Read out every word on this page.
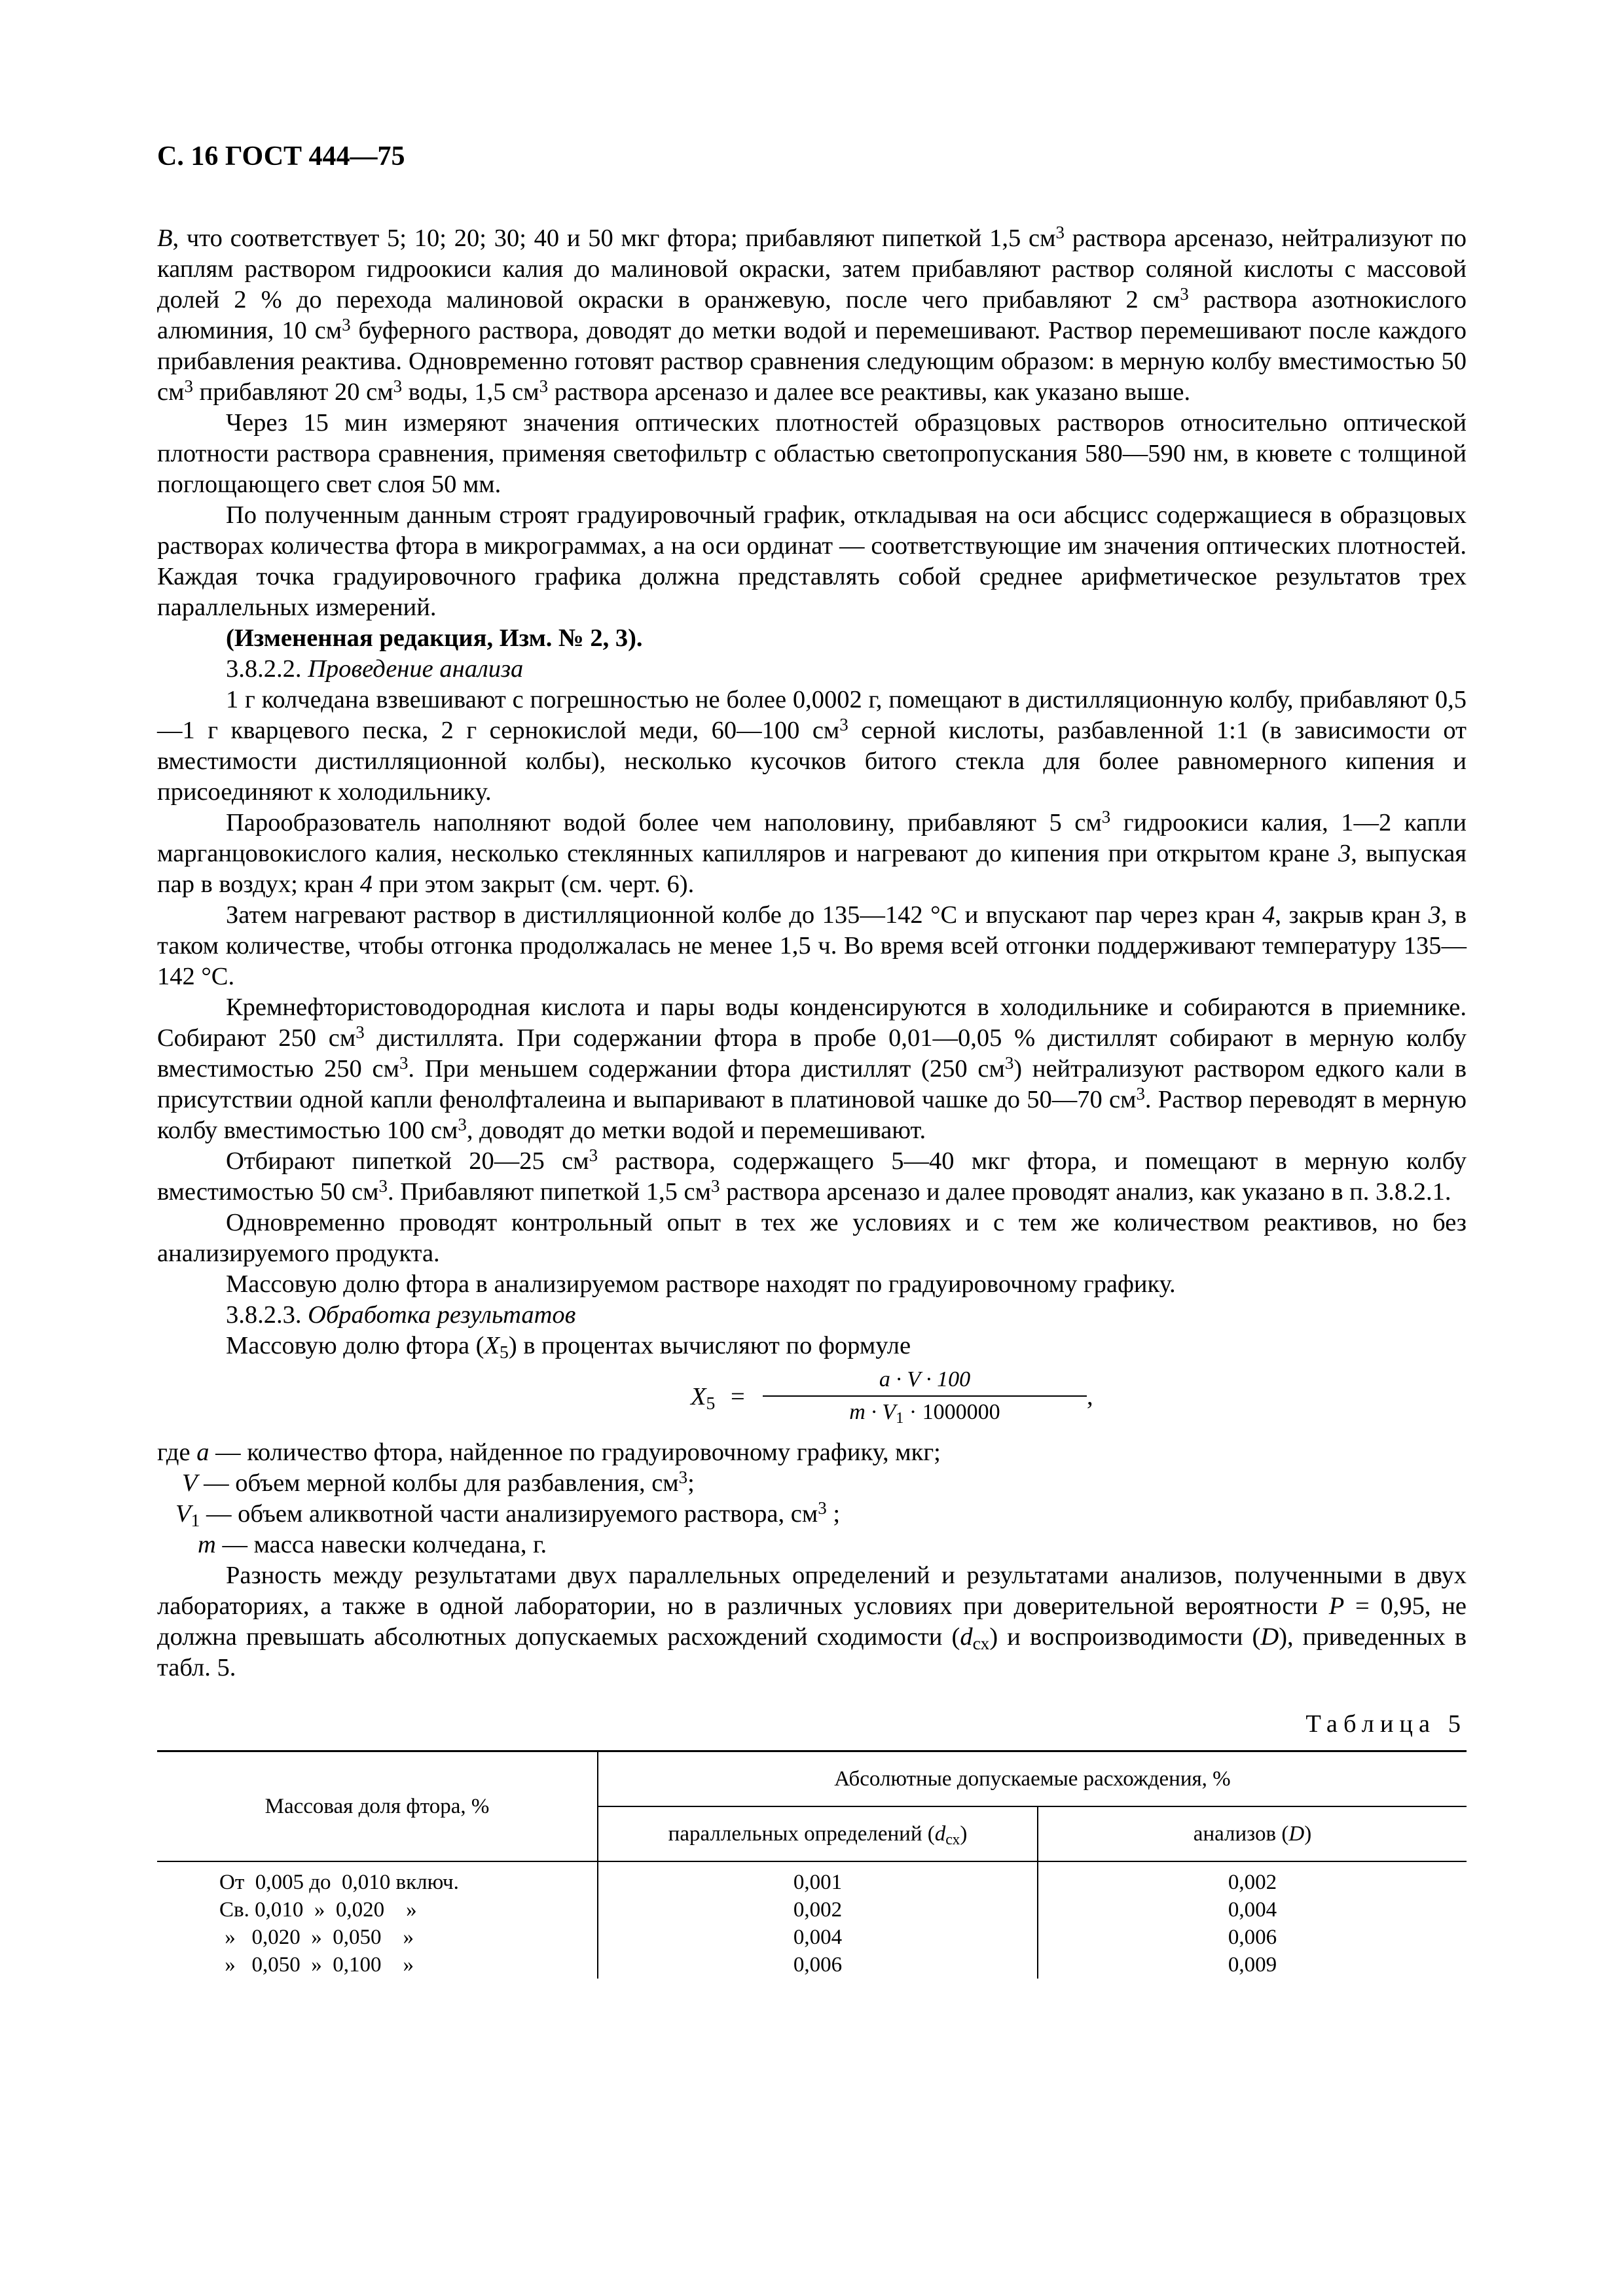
С. 16 ГОСТ 444—75

B, что соответствует 5; 10; 20; 30; 40 и 50 мкг фтора; прибавляют пипеткой 1,5 $см^3$ раствора арсеназо, нейтрализуют по каплям раствором гидроокиси калия до малиновой окраски, затем прибавляют раствор соляной кислоты с массовой долей 2 % до перехода малиновой окраски в оранжевую, после чего прибавляют 2 $см^3$ раствора азотнокислого алюминия, 10 $см^3$ буферного раствора, доводят до метки водой и перемешивают. Раствор перемешивают после каждого прибавления реактива. Одновременно готовят раствор сравнения следующим образом: в мерную колбу вместимостью 50 $см^3$ прибавляют 20 $см^3$ воды, 1,5 $см^3$ раствора арсеназо и далее все реактивы, как указано выше.

Через 15 мин измеряют значения оптических плотностей образцовых растворов относительно оптической плотности раствора сравнения, применяя светофильтр с областью светопропускания 580—590 нм, в кювете с толщиной поглощающего свет слоя 50 мм.

По полученным данным строят градуировочный график, откладывая на оси абсцисс содержащиеся в образцовых растворах количества фтора в микрограммах, а на оси ординат — соответствующие им значения оптических плотностей. Каждая точка градуировочного графика должна представлять собой среднее арифметическое результатов трех параллельных измерений.

(Измененная редакция, Изм. № 2, 3).

3.8.2.2. Проведение анализа

1 г колчедана взвешивают с погрешностью не более 0,0002 г, помещают в дистилляционную колбу, прибавляют 0,5—1 г кварцевого песка, 2 г сернокислой меди, 60—100 $см^3$ серной кислоты, разбавленной 1:1 (в зависимости от вместимости дистилляционной колбы), несколько кусочков битого стекла для более равномерного кипения и присоединяют к холодильнику.

Парообразователь наполняют водой более чем наполовину, прибавляют 5 $см^3$ гидроокиси калия, 1—2 капли марганцовокислого калия, несколько стеклянных капилляров и нагревают до кипения при открытом кране 3, выпуская пар в воздух; кран 4 при этом закрыт (см. черт. 6).

Затем нагревают раствор в дистилляционной колбе до 135—142 °C и впускают пар через кран 4, закрыв кран 3, в таком количестве, чтобы отгонка продолжалась не менее 1,5 ч. Во время всей отгонки поддерживают температуру 135—142 °C.

Кремнефтористоводородная кислота и пары воды конденсируются в холодильнике и собираются в приемнике. Собирают 250 $см^3$ дистиллята. При содержании фтора в пробе 0,01—0,05 % дистиллят собирают в мерную колбу вместимостью 250 $см^3$. При меньшем содержании фтора дистиллят (250 $см^3$) нейтрализуют раствором едкого кали в присутствии одной капли фенолфталеина и выпаривают в платиновой чашке до 50—70 $см^3$. Раствор переводят в мерную колбу вместимостью 100 $см^3$, доводят до метки водой и перемешивают.

Отбирают пипеткой 20—25 $см^3$ раствора, содержащего 5—40 мкг фтора, и помещают в мерную колбу вместимостью 50 $см^3$. Прибавляют пипеткой 1,5 $см^3$ раствора арсеназо и далее проводят анализ, как указано в п. 3.8.2.1.

Одновременно проводят контрольный опыт в тех же условиях и с тем же количеством реактивов, но без анализируемого продукта.

Массовую долю фтора в анализируемом растворе находят по градуировочному графику.

3.8.2.3. Обработка результатов

Массовую долю фтора $(X_5)$ в процентах вычисляют по формуле

$X_5$ =
a · V · 100
$m \cdot V_1 \cdot 1000000$
,
где a — количество фтора, найденное по градуировочному графику, мкг;
V — объем мерной колбы для разбавления, $см^3$;
$V_1$ — объем аликвотной части анализируемого раствора, $см^3$ ;
m — масса навески колчедана, г.

Разность между результатами двух параллельных определений и результатами анализов, полученными в двух лабораториях, а также в одной лаборатории, но в различных условиях при доверительной вероятности P = 0,95, не должна превышать абсолютных допускаемых расхождений сходимости $(d_{сх})$ и воспроизводимости (D), приведенных в табл. 5.

Таблица 5
Массовая доля фтора, %	Абсолютные допускаемые расхождения, %	
	параллельных определений $(d_{сх})$	анализов (D)
От  0,005 до  0,010 включ.	0,001	0,002
Св. 0,010  »  0,020    »	0,002	0,004
»   0,020  »  0,050    »	0,004	0,006
»   0,050  »  0,100    »	0,006	0,009
